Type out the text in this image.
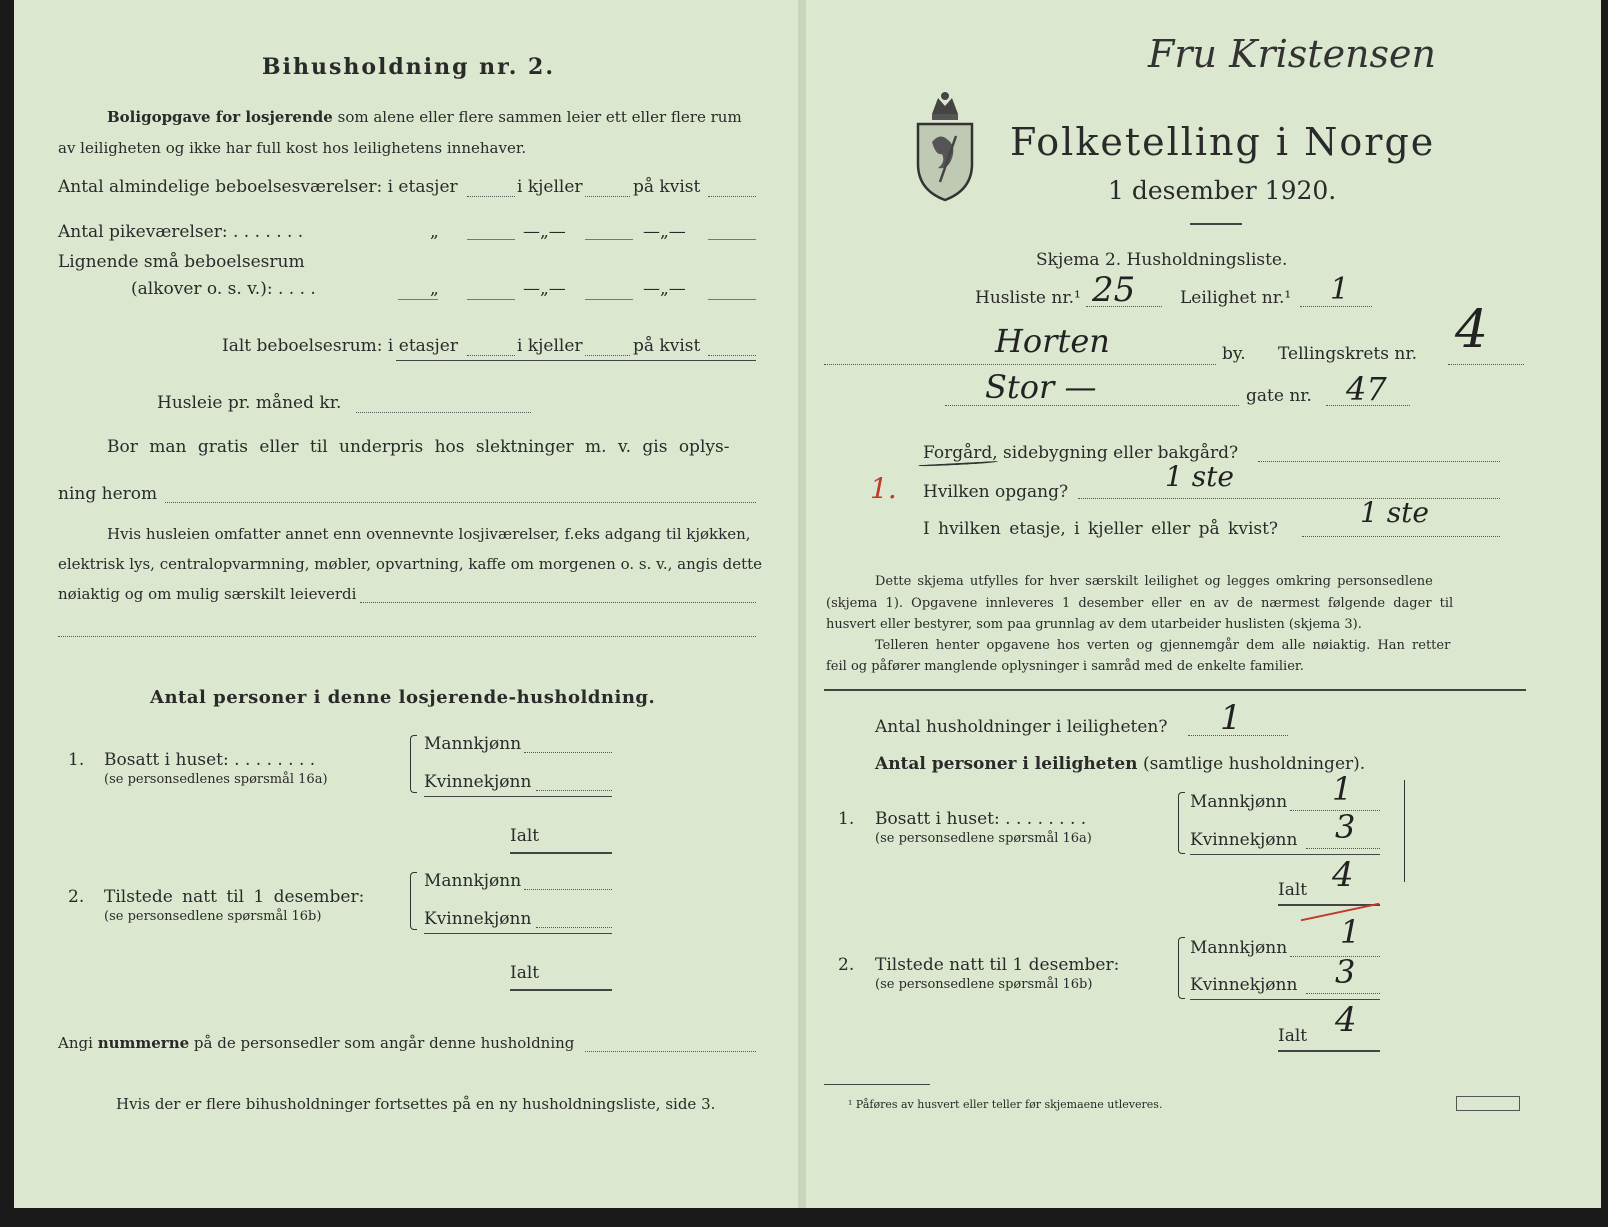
Bihusholdning nr. 2.
Boligopgave for losjerende som alene eller flere sammen leier ett eller flere rum
av leiligheten og ikke har full kost hos leilighetens innehaver.
Antal almindelige beboelsesværelser: i etasjer	i kjeller	på kvist
Antal pikeværelser: . . . . . . .	„	—„—	—„—
Lignende små beboelsesrum
(alkover o. s. v.): . . . .	„	—„—	—„—
Ialt beboelsesrum: i etasjer	i kjeller	på kvist
Husleie pr. måned kr.
Bor man gratis eller til underpris hos slektninger m. v. gis oplys-
ning herom
Hvis husleien omfatter annet enn ovennevnte losjiværelser, f.eks adgang til kjøkken,
elektrisk lys, centralopvarmning, møbler, opvartning, kaffe om morgenen o. s. v., angis dette
nøiaktig og om mulig særskilt leieverdi
Antal personer i denne losjerende-husholdning.
1. Bosatt i huset: . . . . . . . .
(se personsedlenes spørsmål 16a)
Mannkjønn
Kvinnekjønn
Ialt
2. Tilstede natt til 1 desember:
(se personsedlene spørsmål 16b)
Mannkjønn
Kvinnekjønn
Ialt
Angi nummerne på de personsedler som angår denne husholdning
Hvis der er flere bihusholdninger fortsettes på en ny husholdningsliste, side 3.
Fru Kristensen
Folketelling i Norge
1 desember 1920.
Skjema 2. Husholdningsliste.
Husliste nr.¹ 25	Leilighet nr.¹ 1
Horten	by. Tellingskrets nr. 4
Stor —	gate nr. 47
Forgård, sidebygning eller bakgård?
1. Hvilken opgang?	1 ste
I hvilken etasje, i kjeller eller på kvist?	1 ste
Dette skjema utfylles for hver særskilt leilighet og legges omkring personsedlene
(skjema 1). Opgavene innleveres 1 desember eller en av de nærmest følgende dager til
husvert eller bestyrer, som paa grunnlag av dem utarbeider huslisten (skjema 3).
Telleren henter opgavene hos verten og gjennemgår dem alle nøiaktig. Han retter
feil og påfører manglende oplysninger i samråd med de enkelte familier.
Antal husholdninger i leiligheten? 1
Antal personer i leiligheten (samtlige husholdninger).
1. Bosatt i huset: . . . . . . . .
(se personsedlene spørsmål 16a)
Mannkjønn 1
Kvinnekjønn 3
Ialt 4
2. Tilstede natt til 1 desember:
(se personsedlene spørsmål 16b)
Mannkjønn 1
Kvinnekjønn 3
Ialt 4
¹ Påføres av husvert eller teller før skjemaene utleveres.
